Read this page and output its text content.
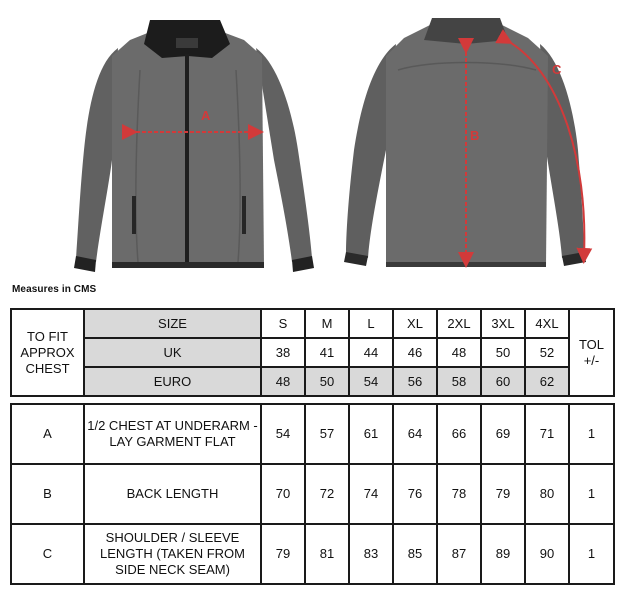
A
B
C
Measures in CMS
TO FIT APPROX CHEST	SIZE	S	M	L	XL	2XL	3XL	4XL	TOL +/-
	UK	38	41	44	46	48	50	52	
	EURO	48	50	54	56	58	60	62	

A	1/2 CHEST AT UNDERARM - LAY GARMENT FLAT	54	57	61	64	66	69	71	1
B	BACK LENGTH	70	72	74	76	78	79	80	1
C	SHOULDER / SLEEVE LENGTH (TAKEN FROM SIDE NECK SEAM)	79	81	83	85	87	89	90	1
